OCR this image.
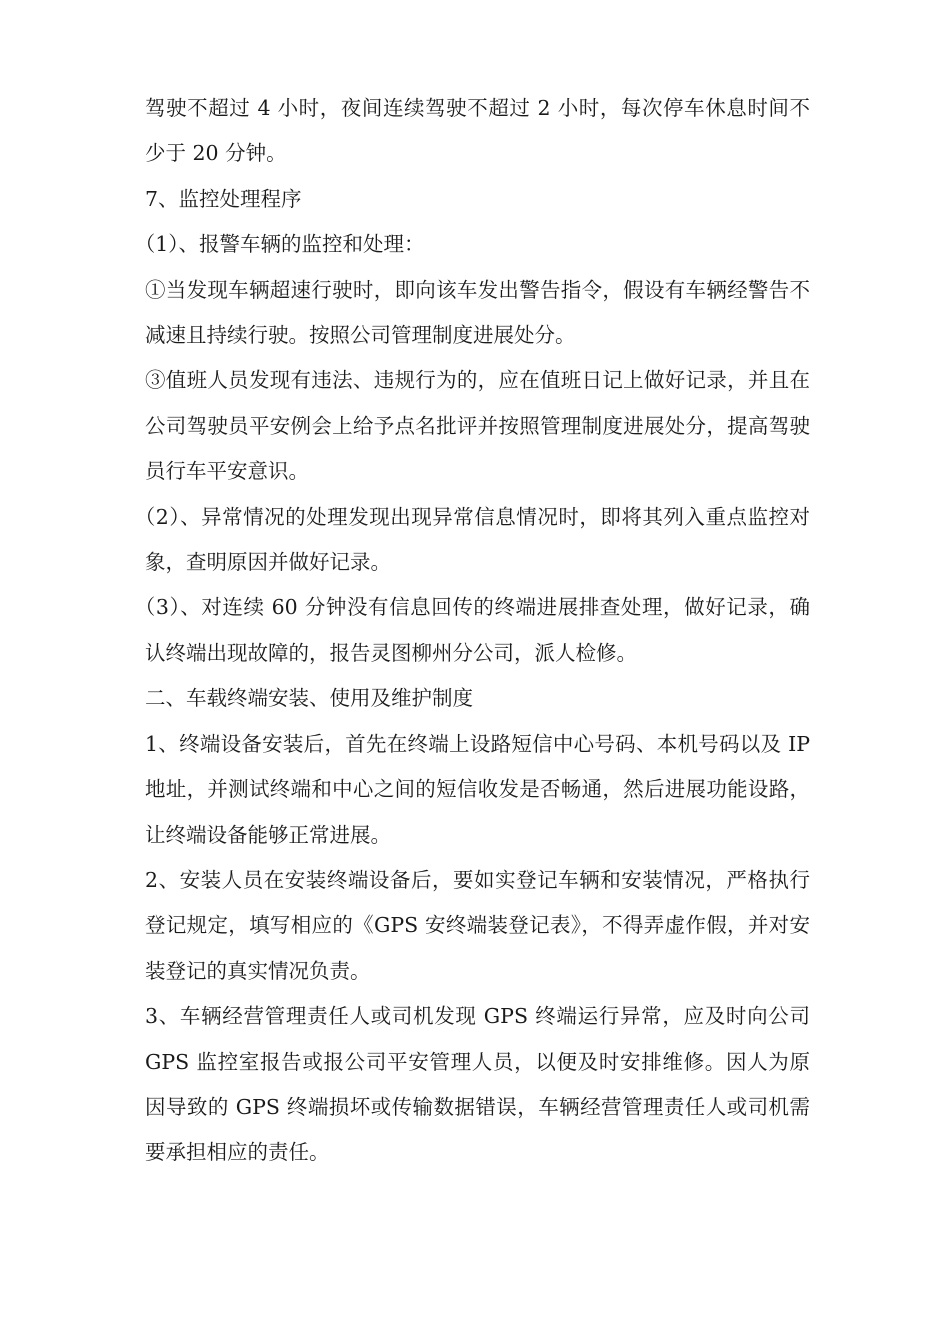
驾驶不超过 4 小时，夜间连续驾驶不超过 2 小时，每次停车休息时间不少于 20 分钟。

7、监控处理程序

（1）、报警车辆的监控和处理：

①当发现车辆超速行驶时，即向该车发出警告指令，假设有车辆经警告不减速且持续行驶。按照公司管理制度进展处分。

③值班人员发现有违法、违规行为的，应在值班日记上做好记录，并且在公司驾驶员平安例会上给予点名批评并按照管理制度进展处分，提高驾驶员行车平安意识。

（2）、异常情况的处理发现出现异常信息情况时，即将其列入重点监控对象，查明原因并做好记录。

（3）、对连续 60 分钟没有信息回传的终端进展排查处理，做好记录，确认终端出现故障的，报告灵图柳州分公司，派人检修。

二、车载终端安装、使用及维护制度

1、终端设备安装后，首先在终端上设路短信中心号码、本机号码以及 IP 地址，并测试终端和中心之间的短信收发是否畅通，然后进展功能设路，让终端设备能够正常进展。

2、安装人员在安装终端设备后，要如实登记车辆和安装情况，严格执行登记规定，填写相应的《GPS 安终端装登记表》，不得弄虚作假，并对安装登记的真实情况负责。

3、车辆经营管理责任人或司机发现 GPS 终端运行异常，应及时向公司 GPS 监控室报告或报公司平安管理人员，以便及时安排维修。因人为原因导致的 GPS 终端损坏或传输数据错误，车辆经营管理责任人或司机需要承担相应的责任。
